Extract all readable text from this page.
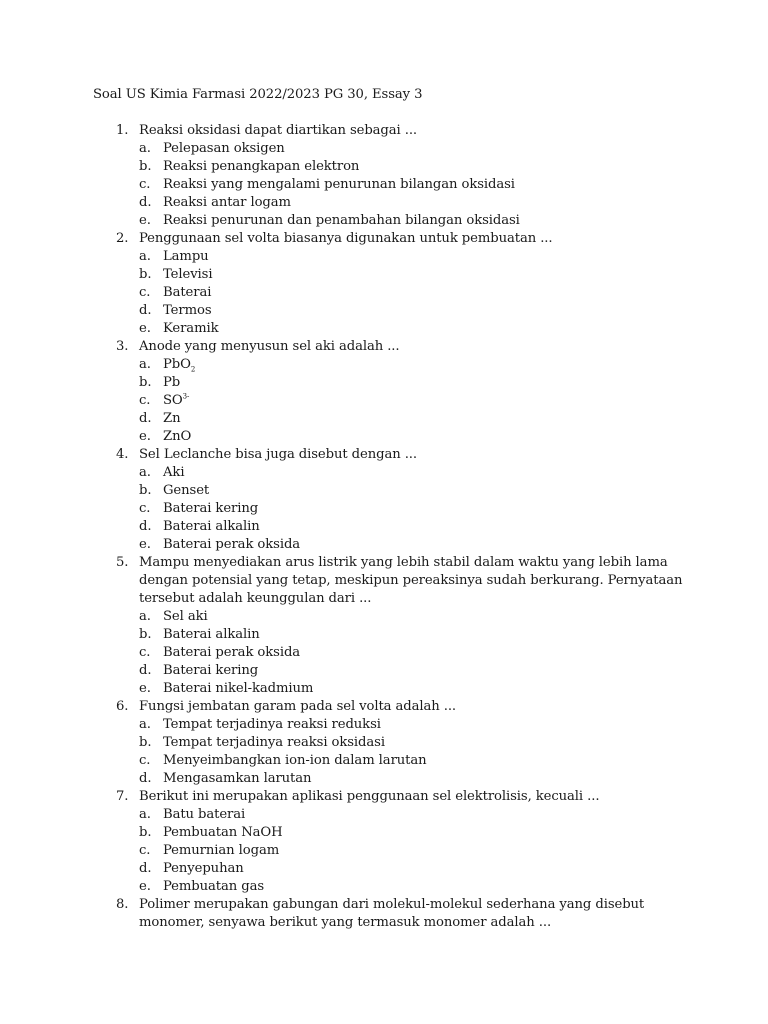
Soal US Kimia Farmasi 2022/2023 PG 30, Essay 3
1. Reaksi oksidasi dapat diartikan sebagai ...
a. Pelepasan oksigen
b. Reaksi penangkapan elektron
c. Reaksi yang mengalami penurunan bilangan oksidasi
d. Reaksi antar logam
e. Reaksi penurunan dan penambahan bilangan oksidasi
2. Penggunaan sel volta biasanya digunakan untuk pembuatan ...
a. Lampu
b. Televisi
c. Baterai
d. Termos
e. Keramik
3. Anode yang menyusun sel aki adalah ...
a. PbO$_2$
b. Pb
c. $SO^{3-}$
d. Zn
e. ZnO
4. Sel Leclanche bisa juga disebut dengan ...
a. Aki
b. Genset
c. Baterai kering
d. Baterai alkalin
e. Baterai perak oksida
5. Mampu menyediakan arus listrik yang lebih stabil dalam waktu yang lebih lama dengan potensial yang tetap, meskipun pereaksinya sudah berkurang. Pernyataan tersebut adalah keunggulan dari ...
a. Sel aki
b. Baterai alkalin
c. Baterai perak oksida
d. Baterai kering
e. Baterai nikel-kadmium
6. Fungsi jembatan garam pada sel volta adalah ...
a. Tempat terjadinya reaksi reduksi
b. Tempat terjadinya reaksi oksidasi
c. Menyeimbangkan ion-ion dalam larutan
d. Mengasamkan larutan
7. Berikut ini merupakan aplikasi penggunaan sel elektrolisis, kecuali ...
a. Batu baterai
b. Pembuatan NaOH
c. Pemurnian logam
d. Penyepuhan
e. Pembuatan gas
8. Polimer merupakan gabungan dari molekul-molekul sederhana yang disebut monomer, senyawa berikut yang termasuk monomer adalah ...
